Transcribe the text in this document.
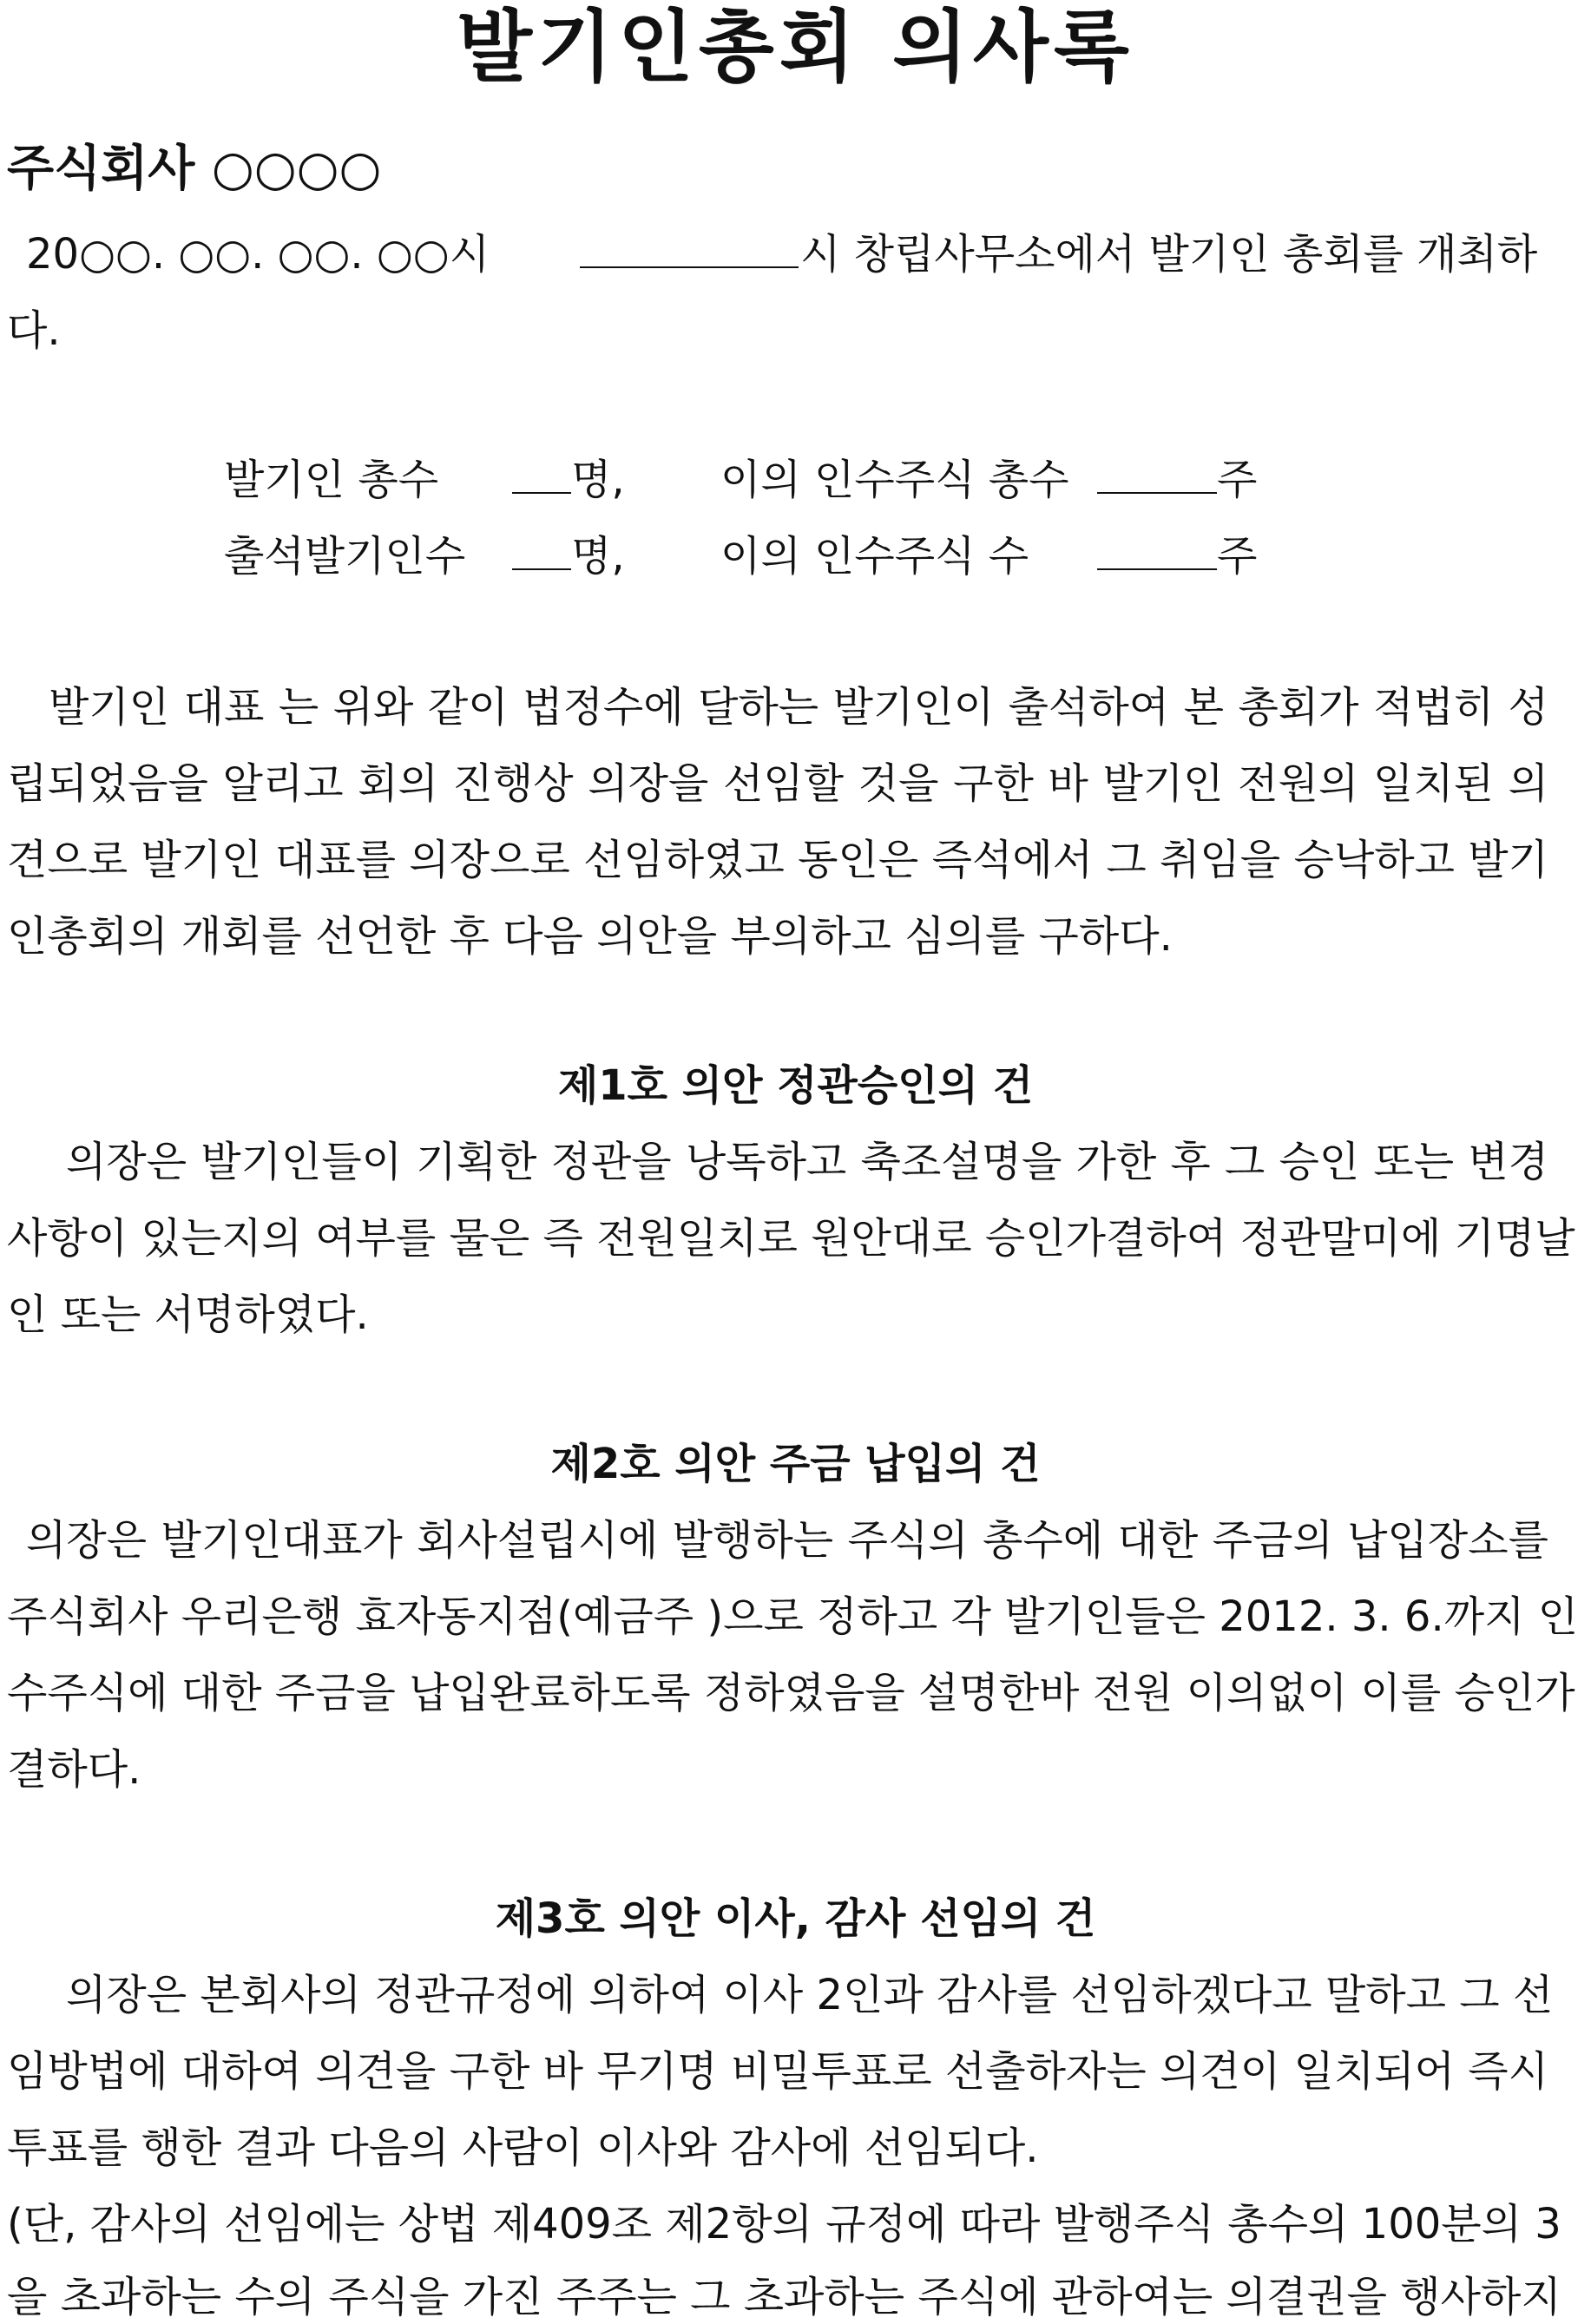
발기인총회 의사록
주식회사 ○○○○
20○○. ○○. ○○. ○○시	시 창립사무소에서 발기인 총회를 개최하
다.
발기인 총수	명, 이의 인수주식 총수	주
출석발기인수	명, 이의 인수주식 수	주
발기인 대표 는 위와 같이 법정수에 달하는 발기인이 출석하여 본 총회가 적법히 성
립되었음을 알리고 회의 진행상 의장을 선임할 것을 구한 바 발기인 전원의 일치된 의
견으로 발기인 대표를 의장으로 선임하였고 동인은 즉석에서 그 취임을 승낙하고 발기
인총회의 개회를 선언한 후 다음 의안을 부의하고 심의를 구하다.
제1호 의안 정관승인의 건
의장은 발기인들이 기획한 정관을 낭독하고 축조설명을 가한 후 그 승인 또는 변경
사항이 있는지의 여부를 물은 즉 전원일치로 원안대로 승인가결하여 정관말미에 기명날
인 또는 서명하였다.
제2호 의안 주금 납입의 건
의장은 발기인대표가 회사설립시에 발행하는 주식의 총수에 대한 주금의 납입장소를
주식회사 우리은행 효자동지점(예금주 )으로 정하고 각 발기인들은 2012. 3. 6.까지 인
수주식에 대한 주금을 납입완료하도록 정하였음을 설명한바 전원 이의없이 이를 승인가
결하다.
제3호 의안 이사, 감사 선임의 건
의장은 본회사의 정관규정에 의하여 이사 2인과 감사를 선임하겠다고 말하고 그 선
임방법에 대하여 의견을 구한 바 무기명 비밀투표로 선출하자는 의견이 일치되어 즉시
투표를 행한 결과 다음의 사람이 이사와 감사에 선임되다.
(단, 감사의 선임에는 상법 제409조 제2항의 규정에 따라 발행주식 총수의 100분의 3
을 초과하는 수의 주식을 가진 주주는 그 초과하는 주식에 관하여는 의결권을 행사하지
